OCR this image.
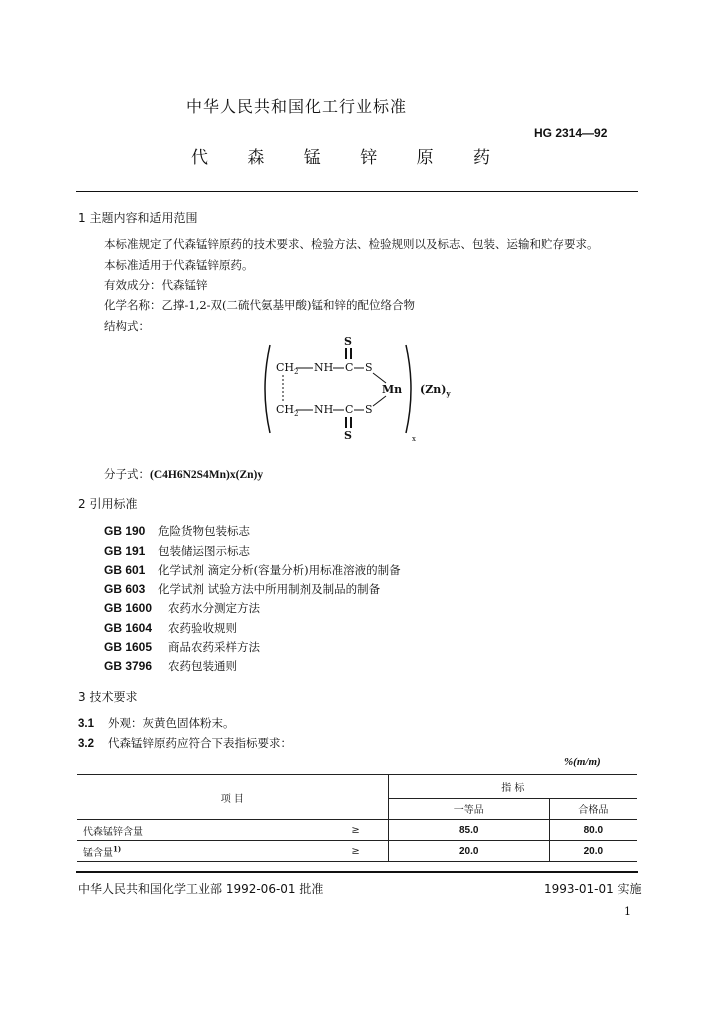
中华人民共和国化工行业标准
HG 2314—92
代 森 锰 锌 原 药
1 主题内容和适用范围
本标准规定了代森锰锌原药的技术要求、检验方法、检验规则以及标志、包装、运输和贮存要求。
本标准适用于代森锰锌原药。
有效成分：代森锰锌
化学名称：乙撑-1,2-双(二硫代氨基甲酸)锰和锌的配位络合物
结构式：
S
$CH_2$ NH C S
Mn
$CH_2$ NH C S
S
$(Zn)_y$
x
分子式：(C4H6N2S4Mn)x(Zn)y
2 引用标准
GB 190 危险货物包装标志
GB 191 包装储运图示标志
GB 601 化学试剂 滴定分析(容量分析)用标准溶液的制备
GB 603 化学试剂 试验方法中所用制剂及制品的制备
GB 1600 农药水分测定方法
GB 1604 农药验收规则
GB 1605 商品农药采样方法
GB 3796 农药包装通则
3 技术要求
3.1 外观：灰黄色固体粉末。
3.2 代森锰锌原药应符合下表指标要求：
%(m/m)
项 目		指 标	
		一等品	合格品
代森锰锌含量	≥	85.0	80.0
锰含量$^{1)}$	≥	20.0	20.0
中华人民共和国化学工业部 1992-06-01 批准	1993-01-01 实施
1
